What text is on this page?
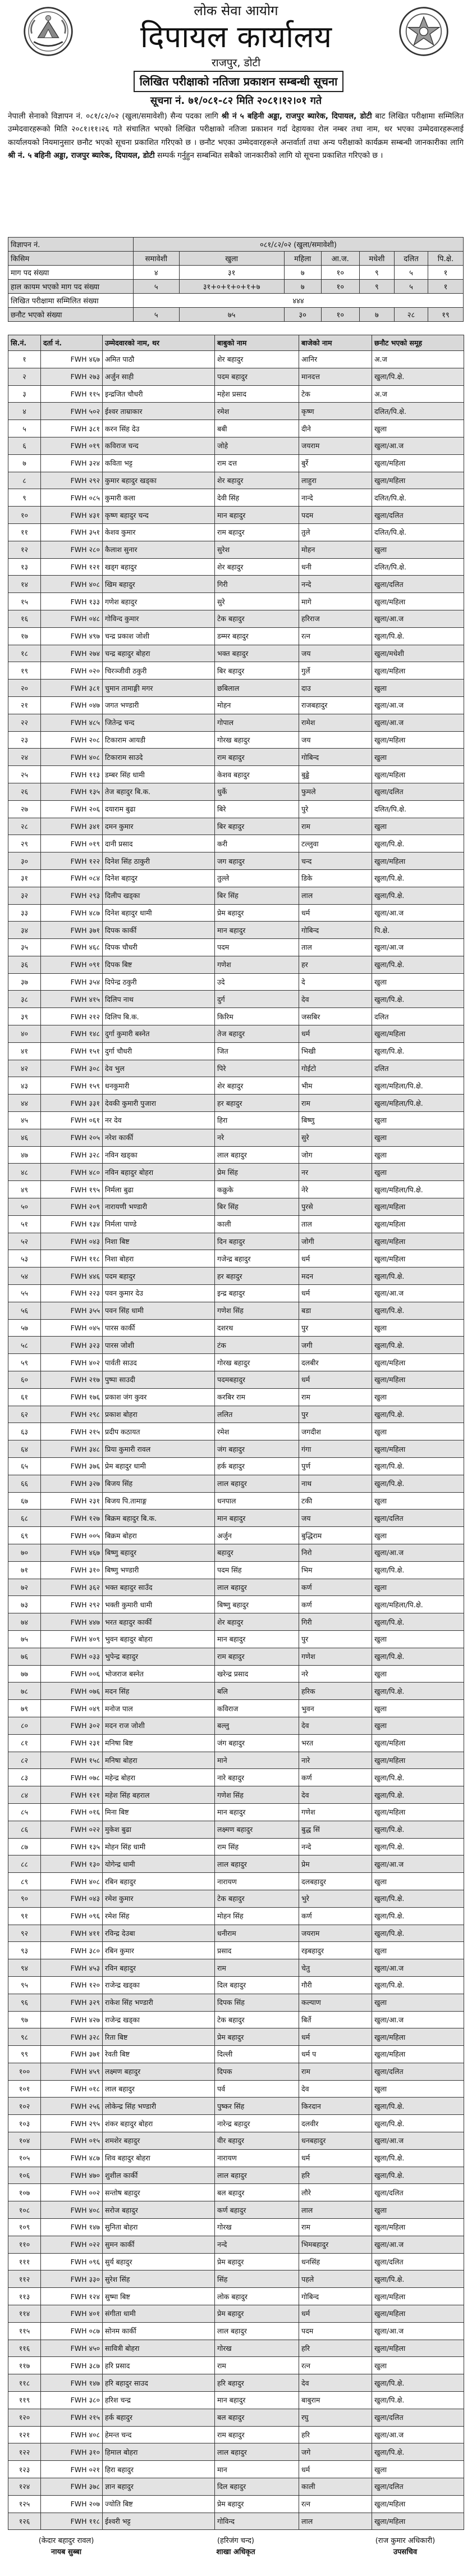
लोक सेवा आयोग
दिपायल कार्यालय
राजपुर, डोटी
लिखित परीक्षाको नतिजा प्रकाशन सम्बन्धी सूचना
सूचना नं. ७१/०८१-८२ मिति २०८१।१२।०१ गते
नेपाली सेनाको विज्ञापन नं. ०८१/८२/०२ (खुला/समावेशी) सैन्य पदका लागि श्री नं ५ बहिनी अड्डा, राजपुर ब्यारेक, दिपायल, डोटी बाट लिखित परीक्षामा सम्मिलित उम्मेदवारहरूको मिति २०८१।११।२६ गते संचालित भएको लिखित परीक्षाको नतिजा प्रकाशन गर्दा देहायका रोल नम्बर तथा नाम, थर भएका उम्मेदवारहरूलाई कार्यालयको नियमानुसार छनौट भएको सूचना प्रकाशित गरिएको छ । छनौट भएका उम्मेदवारहरूले अन्तर्वार्ता तथा अन्य परीक्षाको कार्यक्रम सम्बन्धी जानकारीका लागि श्री नं. ५ बहिनी अड्डा, राजपुर ब्यारेक, दिपायल, डोटी सम्पर्क गर्नुहुन सम्बन्धित सबैको जानकारीको लागि यो सूचना प्रकाशित गरिएको छ ।
विज्ञापन नं.	०८१/८२/०२ (खुला/समावेशी)						
किसिम	समावेशी	खुला	महिला	आ.ज.	मधेशी	दलित	पि.क्षे.
माग पद संख्या	४	३१	७	१०	९	५	१
हाल कायम भएको माग पद संख्या	५	३१+०+१+०+१+७	७	१०	९	५	१
लिखित परीक्षामा सम्मिलित संख्या	४४४						
छनौट भएको संख्या	५	७५	३०	१०	७	२८	१९
सि.नं.	दर्ता नं.	उम्मेदवारको नाम, थर	बाबुको नाम	बाजेको नाम	छनौट भएको समूह
१	FWH ४६७	अमित पाठौ	शेर बहादुर	आनिर	अ.ज
२	FWH २७३	अर्जुन साही	पदम बहादुर	मानदत्त	खुला/पि.क्षे.
३	FWH ११५	इन्द्रजित चौधरी	महेश प्रसाद	टेक	अ.ज
४	FWH ५०२	ईश्वर ताम्राकार	रमेश	कृष्ण	दलित/पि.क्षे.
५	FWH ३८१	करन सिंह देउ	बबी	दीने	खुला
६	FWH ०१९	कविराज चन्द	जोहे	जयराम	खुला/आ.ज
७	FWH ३२४	कविता भट्ट	राम दत्त	बुर्रे	खुला/महिला
८	FWH २९२	कुमार बहादुर खड्का	शेर बहादुर	लाहुरा	खुला/महिला
९	FWH ०८५	कुमारी कला	देवी सिंह	नान्दे	दलित/पि.क्षे.
१०	FWH ४३१	कृष्ण बहादुर चन्द	मान बहादुर	पदम	खुला/दलित
११	FWH ३५१	केशव कुमार	राम बहादुर	तुले	दलित/पि.क्षे.
१२	FWH २८०	कैलाश सुनार	सुरेश	मोहन	खुला
१३	FWH १२१	खड्ग बहादुर	शेर बहादुर	धनी	दलित/पि.क्षे.
१४	FWH ४०८	खिम बहादुर	गिरी	नन्दे	खुला/दलित
१५	FWH १३३	गणेश बहादुर	सुरे	मागे	खुला/महिला
१६	FWH ०४८	गोविन्द कुमार	टेक बहादुर	हरिराज	खुला/आ.ज
१७	FWH ४९७	चन्द्र प्रकाश जोशी	डम्मर बहादुर	रत्न	खुला/पि.क्षे.
१८	FWH २७४	चन्द्र बहादुर बोहरा	भक्त बहादुर	जय	खुला/मधेशी
१९	FWH ०२०	चिरञ्जीवी ठकुरी	बिर बहादुर	गुर्ले	खुला/महिला
२०	FWH ३८१	चुमान तामाङ्गी मगर	छबिलाल	दाउ	खुला
२१	FWH ०४७	जगत भण्डारी	मोहन	राजबहादुर	खुला/आ.ज
२२	FWH ४८५	जितेन्द्र चन्द	गोपाल	रामेश	खुला/आ.ज
२३	FWH २०८	टिकाराम आयडी	गोरख बहादुर	जय	खुला/महिला
२४	FWH ४०८	टिकाराम साउदे	राम बहादुर	गोबिन्द	खुला
२५	FWH ११३	डम्बर सिंह धामी	केशव बहादुर	बुढ्ढे	खुला/महिला
२६	FWH १३५	तेज बहादुर बि.क.	धुर्के	फुमले	खुला/दलित
२७	FWH २०६	दयाराम बुढा	बिरे	पुरे	दलित/पि.क्षे.
२८	FWH ३४१	दमन कुमार	बिर बहादुर	राम	खुला
२९	FWH ०१९	दानी प्रसाद	करी	टल्लुवा	खुला/पि.क्षे.
३०	FWH १२२	दिनेश सिंह ठाकुरी	जग बहादुर	चन्द	खुला/महिला
३१	FWH ०८४	दिनेश बहादुर	तुल्ले	डिके	खुला/पि.क्षे.
३२	FWH २९३	दिलीप खड्का	बिर सिंह	लाल	खुला/पि.क्षे.
३३	FWH ४८७	दिनेश बहादुर धामी	प्रेम बहादुर	धर्म	खुला/आ.ज
३४	FWH ३७१	दिपक कार्की	मान बहादुर	गोबिन्द	पि.क्षे.
३५	FWH ४६८	दिपक चौधरी	पदम	ताल	खुला/आ.ज
३६	FWH ०९१	दिपक बिष्ट	गणेश	हर	खुला/पि.क्षे.
३७	FWH ३५४	दिपेन्द्र ठकुरी	उदे	दे	खुला
३८	FWH ४१५	दिलिप नाथ	दुर्ग	देव	खुला/पि.क्षे.
३९	FWH २१२	दिलिप बि.क.	किरिम	जसबिर	दलित
४०	FWH १४८	दुर्गा कुमारी बस्नेत	तेज बहादुर	धर्म	खुला/महिला
४१	FWH १५१	दुर्गा चौधरी	जित	भिखी	खुला/पि.क्षे.
४२	FWH ३०८	देव भुल	पिरे	गोईटो	दलित
४३	FWH १५९	धनकुमारी	शेर बहादुर	भीम	खुला/महिला/पि.क्षे.
४४	FWH ३३१	देवकी कुमारी पुजारा	हर बहादुर	राम	खुला/महिला/पि.क्षे.
४५	FWH ०६१	नर देव	हिरा	बिष्णु	खुला
४६	FWH २०५	नरेश कार्की	नरे	सुरे	खुला
४७	FWH ३२८	नविन खड्का	लाल बहादुर	जोग	खुला
४८	FWH ४८०	नविन बहादुर बोहरा	प्रेम सिंह	नर	खुला
४९	FWH १९५	निर्मला बुढा	कक्रुके	नेरे	खुला/महिला/पि.क्षे.
५०	FWH २०९	नारायणी भण्डारी	बिर सिंह	पुरसे	खुला/महिला
५१	FWH १३४	निर्मला पाण्डे	काली	ताल	खुला/महिला
५२	FWH ०४३	निशा बिष्ट	दिन बहादुर	जोगी	खुला/महिला
५३	FWH ११८	निशा बोहरा	गजेन्द्र बहादुर	धर्म	खुला/महिला
५४	FWH ४४६	पदम बहादुर	हर बहादुर	मदन	खुला/पि.क्षे.
५५	FWH २२३	पवन कुमार देउ	इन्द्र बहादुर	धर्म	खुला/आ.ज
५६	FWH ३५५	पवन सिंह धामी	गणेश सिंह	बडा	खुला/पि.क्षे.
५७	FWH ०४५	पारस कार्की	दशरथ	पुर	खुला
५८	FWH ३२३	पारस जोशी	टंक	जगी	खुला/पि.क्षे.
५९	FWH ४०२	पार्वती साउद	गोरख बहादुर	दलबीर	खुला/महिला
६०	FWH २१७	पुष्पा साउदी	पदमबहादुर	धर्म	खुला/महिला
६१	FWH १७६	प्रकाश जंग कुवर	करबिर राम	राम	खुला
६२	FWH २९८	प्रकाश बोहरा	ललित	पुर	खुला/पि.क्षे.
६३	FWH २१५	प्रदीप कठायत	रमेश	जगदीश	खुला
६४	FWH ३४८	प्रिया कुमारी रावल	जंग बहादुर	गंगा	खुला/महिला
६५	FWH ३७६	प्रेम बहादुर धामी	हर्क बहादुर	पुर्ण	खुला/पि.क्षे.
६६	FWH ३२७	बिजय सिंह	लाल बहादुर	नाथ	खुला/पि.क्षे.
६७	FWH २३१	बिजय पि.तामाङ्ग	धनपाल	टकी	खुला
६८	FWH १२७	बिक्रम बहादुर बि.क.	मान बहादुर	जय	खुला/दलित
६९	FWH ००५	बिक्रम बोहरा	अर्जुन	बुद्धिराम	खुला
७०	FWH ४६७	बिष्णु बहादुर	बहादुर	निरो	खुला/आ.ज
७१	FWH ३१०	बिष्णु भण्डारी	पदम सिंह	भिम	खुला/पि.क्षे.
७२	FWH ३६२	भक्त बहादुर साउँद	लाल बहादुर	कर्ण	खुला
७३	FWH २९२	भक्ती कुमारी धामी	बिष्णु बहादुर	कर्ण	खुला/महिला/पि.क्षे.
७४	FWH ४४७	भरत बहादुर कार्की	शेर बहादुर	गिरी	खुला/पि.क्षे.
७५	FWH ४०९	भुवन बहादुर बोहरा	मान बहादुर	पुर	खुला
७६	FWH ०३३	भुपेन्द्र बहादुर	राम बहादुर	गणेश	खुला/पि.क्षे.
७७	FWH ००६	भोजराज बस्नेत	खरेन्द्र प्रसाद	नरे	खुला
७८	FWH ०७६	मदन सिंह	बलि	हरिक	खुला/पि.क्षे.
७९	FWH ०४९	मनोज पाल	कविराज	भुवन	खुला
८०	FWH ३०२	मदन राज जोशी	बल्लु	देव	खुला
८१	FWH २३१	मनिषा बिष्ट	जंग बहादुर	भरत	खुला/महिला
८२	FWH १५८	मनिषा बोहरा	माने	नारे	खुला/महिला
८३	FWH ०७८	महेन्द्र बोहरा	नारे बहादुर	कर्ण	खुला/पि.क्षे.
८४	FWH १२१	महेश सिंह बहराल	गणेश सिंह	देव	खुला/पि.क्षे.
८५	FWH ०१६	मिना बिष्ट	मान बहादुर	गणेश	खुला/महिला
८६	FWH ०२२	मुकेश बुढा	लक्ष्मण बहादुर	बुद्ध सिं	खुला/पि.क्षे.
८७	FWH १३५	मोहन सिंह धामी	राम सिंह	नन्दे	खुला/पि.क्षे.
८८	FWH १३०	योगेन्द्र धामी	लाल बहादुर	प्रेम	खुला/आ.ज
८९	FWH ४०८	रबिन बहादुर	नारायण	दलबहादुर	खुला
९०	FWH ०४३	रमेश कुमार	टेक बहादुर	भुरे	खुला/पि.क्षे.
९१	FWH ०९६	रमेश सिंह	मोहन सिंह	कर्ण	खुला/पि.क्षे.
९२	FWH ४११	रविन्द्र देउबा	धनीराम	जयराम	खुला/पि.क्षे.
९३	FWH ३८०	रबिन कुमार	प्रसाद	रइबहादुर	खुला
९४	FWH ४५३	रविन बहादुर	राम	चेतु	खुला/आ.ज
९५	FWH १२०	राजेन्द्र खड्का	दिल बहादुर	गौरी	खुला/पि.क्षे.
९६	FWH ३२९	राकेश सिंह भण्डारी	दिपक सिंह	कल्याण	खुला
९७	FWH ४२७	राजेन्द्र खड्का	टेक बहादुर	बिर्ते	खुला/आ.ज
९८	FWH ३२८	रिता बिष्ट	प्रेम बहादुर	धर्म	खुला/महिला
९९	FWH ३७१	रेवती बिष्ट	दिल्ली	धर्म प	खुला/महिला
१००	FWH ४५९	लक्ष्मण बहादुर	दिपक	राम	खुला/दलित
१०१	FWH ०१८	लाल बहादुर	पर्व	देव	खुला
१०२	FWH २५६	लोकेन्द्र सिंह भण्डारी	पुष्कर सिंह	किरदान	खुला/पि.क्षे.
१०३	FWH २९५	शंकर बहादुर बोहरा	नारेन्द्र बहादुर	दलवीर	खुला/पि.क्षे.
१०४	FWH ०१५	शमशेर बहादुर	वीर बहादुर	धनबहादुर	खुला/आ.ज
१०५	FWH ४८७	शिव बहादुर बोहरा	नारायण	धर्म	खुला/पि.क्षे.
१०६	FWH ४७०	शुशील कार्की	लाल बहादुर	हरि	खुला/पि.क्षे.
१०७	FWH ००२	सन्तोष बहादुर	बल बहादुर	लौरे	खुला/दलित
१०८	FWH ४०८	सरोज बहादुर	कर्ण बहादुर	लाल	खुला
१०९	FWH १४७	सुनिता बोहरा	गोरख	राम	खुला/महिला
११०	FWH ०२२	सुमन कार्की	नन्दे	भिमबहादुर	खुला/आ.ज
१११	FWH ०९६	सुर्य बहादुर	प्रेम बहादुर	धनसिंह	खुला/दलित
११२	FWH ३३०	सुरेश सिंह	सिंह	पहले	खुला/पि.क्षे.
११३	FWH १२४	सुष्मा बिष्ट	लोक बहादुर	गोबिन्द	खुला/महिला
११४	FWH ४०१	संगीता धामी	प्रेम बहादुर	धर्म	खुला/महिला
११५	FWH ०८७	सोनम कार्की	लाल बहादुर	पदम	खुला/आ.ज
११६	FWH ४५०	सावित्री बोहरा	गोरख	हरि	खुला/महिला
११७	FWH ३८७	हरि प्रसाद	राम	रत्न	खुला
११८	FWH १४७	हरि बहादुर साउद	हरि बहादुर	देव	खुला/पि.क्षे.
११९	FWH ३८०	हरिश चन्द्र	मान बहादुर	बाबुराम	खुला/पि.क्षे.
१२०	FWH २१५	हर्क बहादुर	बल बहादुर	रघु	खुला/दलित
१२१	FWH ४०८	हेमन्त चन्द	राम बहादुर	हरि	खुला/आ.ज
१२२	FWH ३१०	हिमाल बोहरा	लाल बहादुर	जगे	खुला/पि.क्षे.
१२३	FWH ०२१	हिरा बहादुर	मान	धर्म	खुला
१२४	FWH ३७८	ज्ञान बहादुर	दिल बहादुर	काली	खुला/दलित
१२५	FWH २०७	ज्योति बिष्ट	प्रेम बहादुर	रत्न	खुला/महिला
१२६	FWH ११८	ईश्वरी भट्ट	गोविन्द	लाल	खुला/महिला
(केदार बहादुर रावल)
नायब सुब्बा
(हरिजंग चन्द)
शाखा अधिकृत
(राज कुमार अधिकारी)
उपसचिव
